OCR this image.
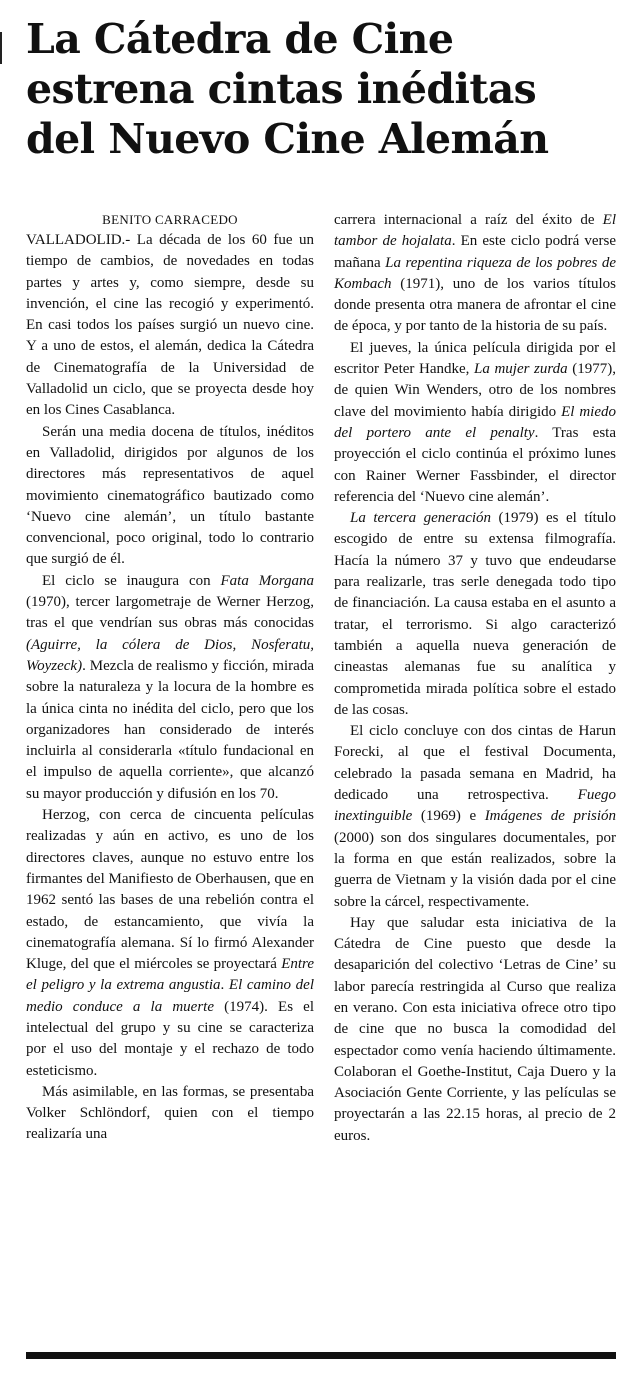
La Cátedra de Cine
estrena cintas inéditas
del Nuevo Cine Alemán

BENITO CARRACEDO

VALLADOLID.- La década de los 60 fue un tiempo de cambios, de novedades en todas partes y artes y, como siempre, desde su invención, el cine las recogió y experimentó. En casi todos los países surgió un nuevo cine. Y a uno de estos, el alemán, dedica la Cátedra de Cinematografía de la Universidad de Valladolid un ciclo, que se proyecta desde hoy en los Cines Casablanca.

Serán una media docena de títulos, inéditos en Valladolid, dirigidos por algunos de los directores más representativos de aquel movimiento cinematográfico bautizado como ‘Nuevo cine alemán’, un título bastante convencional, poco original, todo lo contrario que surgió de él.

El ciclo se inaugura con Fata Morgana (1970), tercer largometraje de Werner Herzog, tras el que vendrían sus obras más conocidas (Aguirre, la cólera de Dios, Nosferatu, Woyzeck). Mezcla de realismo y ficción, mirada sobre la naturaleza y la locura de la hombre es la única cinta no inédita del ciclo, pero que los organizadores han considerado de interés incluirla al considerarla «título fundacional en el impulso de aquella corriente», que alcanzó su mayor producción y difusión en los 70.

Herzog, con cerca de cincuenta películas realizadas y aún en activo, es uno de los directores claves, aunque no estuvo entre los firmantes del Manifiesto de Oberhausen, que en 1962 sentó las bases de una rebelión contra el estado, de estancamiento, que vivía la cinematografía alemana. Sí lo firmó Alexander Kluge, del que el miércoles se proyectará Entre el peligro y la extrema angustia. El camino del medio conduce a la muerte (1974). Es el intelectual del grupo y su cine se caracteriza por el uso del montaje y el rechazo de todo esteticismo.

Más asimilable, en las formas, se presentaba Volker Schlöndorf, quien con el tiempo realizaría una

carrera internacional a raíz del éxito de El tambor de hojalata. En este ciclo podrá verse mañana La repentina riqueza de los pobres de Kombach (1971), uno de los varios títulos donde presenta otra manera de afrontar el cine de época, y por tanto de la historia de su país.

El jueves, la única película dirigida por el escritor Peter Handke, La mujer zurda (1977), de quien Win Wenders, otro de los nombres clave del movimiento había dirigido El miedo del portero ante el penalty. Tras esta proyección el ciclo continúa el próximo lunes con Rainer Werner Fassbinder, el director referencia del ‘Nuevo cine alemán’.

La tercera generación (1979) es el título escogido de entre su extensa filmografía. Hacía la número 37 y tuvo que endeudarse para realizarle, tras serle denegada todo tipo de financiación. La causa estaba en el asunto a tratar, el terrorismo. Si algo caracterizó también a aquella nueva generación de cineastas alemanas fue su analítica y comprometida mirada política sobre el estado de las cosas.

El ciclo concluye con dos cintas de Harun Forecki, al que el festival Documenta, celebrado la pasada semana en Madrid, ha dedicado una retrospectiva. Fuego inextinguible (1969) e Imágenes de prisión (2000) son dos singulares documentales, por la forma en que están realizados, sobre la guerra de Vietnam y la visión dada por el cine sobre la cárcel, respectivamente.

Hay que saludar esta iniciativa de la Cátedra de Cine puesto que desde la desaparición del colectivo ‘Letras de Cine’ su labor parecía restringida al Curso que realiza en verano. Con esta iniciativa ofrece otro tipo de cine que no busca la comodidad del espectador como venía haciendo últimamente. Colaboran el Goethe-Institut, Caja Duero y la Asociación Gente Corriente, y las películas se proyectarán a las 22.15 horas, al precio de 2 euros.
